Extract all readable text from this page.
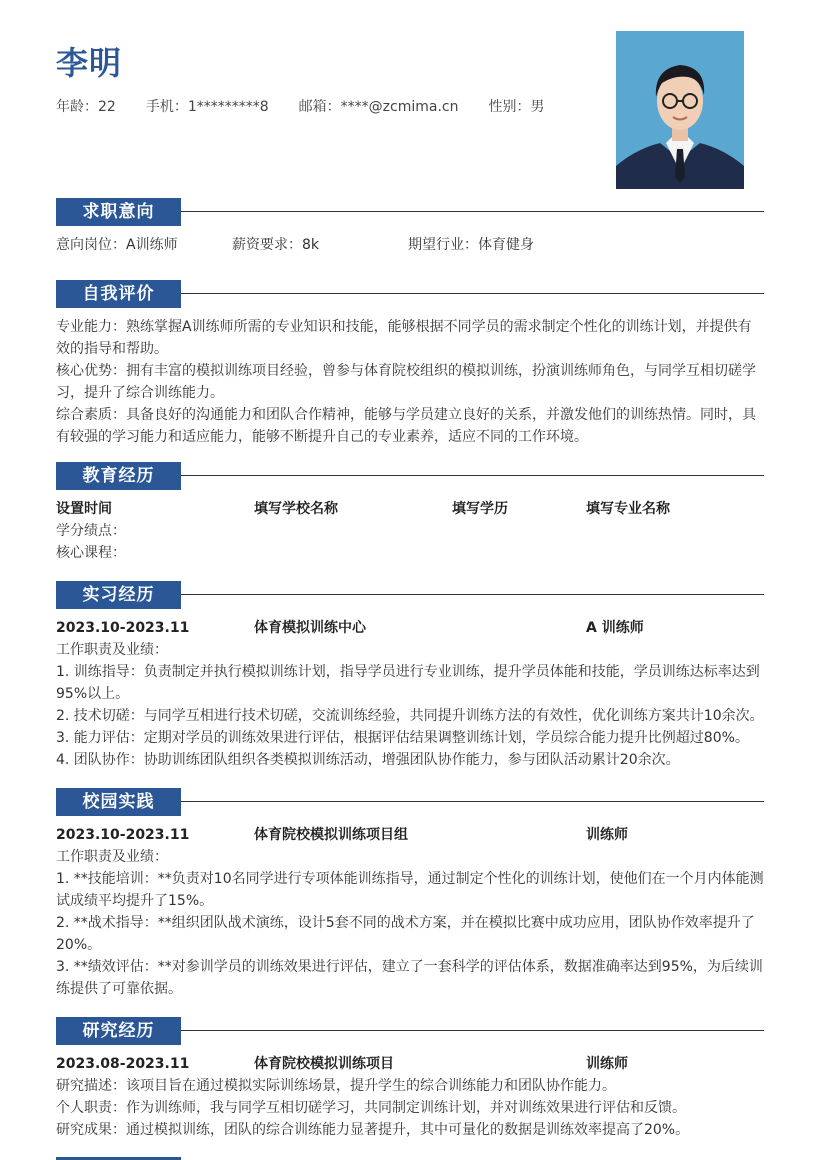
李明
年龄：22 手机：1*********8 邮箱：****@zcmima.cn 性别：男
求职意向
意向岗位：A训练师	薪资要求：8k	期望行业：体育健身
自我评价
专业能力：熟练掌握A训练师所需的专业知识和技能，能够根据不同学员的需求制定个性化的训练计划，并提供有效的指导和帮助。
核心优势：拥有丰富的模拟训练项目经验，曾参与体育院校组织的模拟训练，扮演训练师角色，与同学互相切磋学习，提升了综合训练能力。
综合素质：具备良好的沟通能力和团队合作精神，能够与学员建立良好的关系，并激发他们的训练热情。同时，具有较强的学习能力和适应能力，能够不断提升自己的专业素养，适应不同的工作环境。
教育经历
设置时间	填写学校名称	填写学历	填写专业名称
学分绩点：
核心课程：
实习经历
2023.10-2023.11	体育模拟训练中心	A 训练师
工作职责及业绩：
1. 训练指导：负责制定并执行模拟训练计划，指导学员进行专业训练，提升学员体能和技能，学员训练达标率达到95%以上。
2. 技术切磋：与同学互相进行技术切磋，交流训练经验，共同提升训练方法的有效性，优化训练方案共计10余次。
3. 能力评估：定期对学员的训练效果进行评估，根据评估结果调整训练计划，学员综合能力提升比例超过80%。
4. 团队协作：协助训练团队组织各类模拟训练活动，增强团队协作能力，参与团队活动累计20余次。
校园实践
2023.10-2023.11	体育院校模拟训练项目组	训练师
工作职责及业绩：
1. **技能培训：**负责对10名同学进行专项体能训练指导，通过制定个性化的训练计划，使他们在一个月内体能测试成绩平均提升了15%。
2. **战术指导：**组织团队战术演练，设计5套不同的战术方案，并在模拟比赛中成功应用，团队协作效率提升了20%。
3. **绩效评估：**对参训学员的训练效果进行评估，建立了一套科学的评估体系，数据准确率达到95%，为后续训练提供了可靠依据。
研究经历
2023.08-2023.11	体育院校模拟训练项目	训练师
研究描述：该项目旨在通过模拟实际训练场景，提升学生的综合训练能力和团队协作能力。
个人职责：作为训练师，我与同学互相切磋学习，共同制定训练计划，并对训练效果进行评估和反馈。
研究成果：通过模拟训练，团队的综合训练能力显著提升，其中可量化的数据是训练效率提高了20%。
